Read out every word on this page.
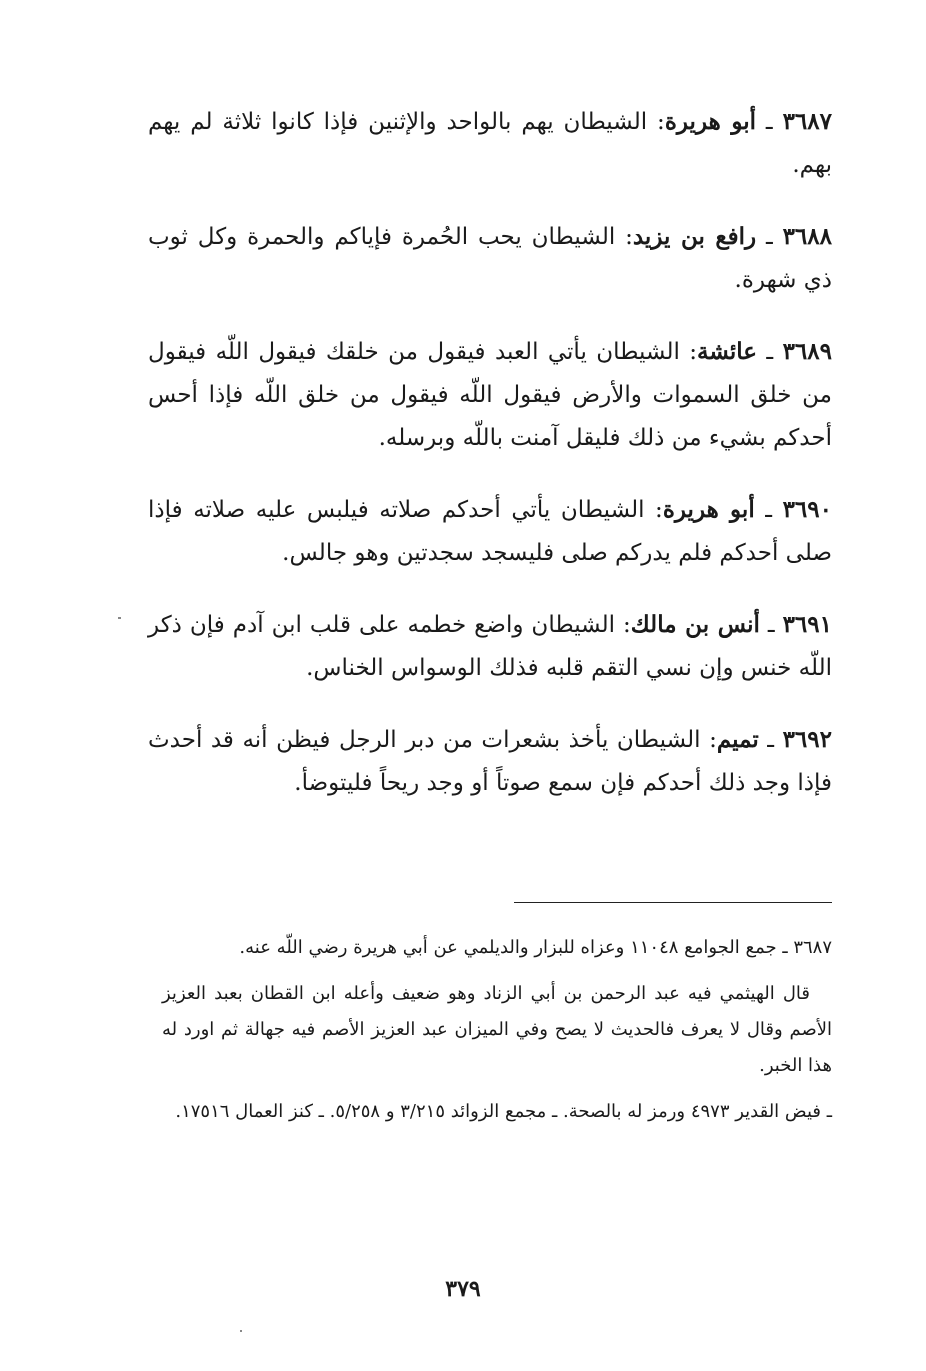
٣٦٨٧ ـ أبو هريرة: الشيطان يهم بالواحد والإثنين فإذا كانوا ثلاثة لم يهم بهم.

٣٦٨٨ ـ رافع بن يزيد: الشيطان يحب الحُمرة فإياكم والحمرة وكل ثوب ذي شهرة.

٣٦٨٩ ـ عائشة: الشيطان يأتي العبد فيقول من خلقك فيقول اللّه فيقول من خلق السموات والأرض فيقول اللّه فيقول من خلق اللّه فإذا أحس أحدكم بشيء من ذلك فليقل آمنت باللّه وبرسله.

٣٦٩٠ ـ أبو هريرة: الشيطان يأتي أحدكم صلاته فيلبس عليه صلاته فإذا صلى أحدكم فلم يدركم صلى فليسجد سجدتين وهو جالس.

٣٦٩١ ـ أنس بن مالك: الشيطان واضع خطمه على قلب ابن آدم فإن ذكر اللّه خنس وإن نسي التقم قلبه فذلك الوسواس الخناس.

٣٦٩٢ ـ تميم: الشيطان يأخذ بشعرات من دبر الرجل فيظن أنه قد أحدث فإذا وجد ذلك أحدكم فإن سمع صوتاً أو وجد ريحاً فليتوضأ.

٣٦٨٧ ـ جمع الجوامع ١١٠٤٨ وعزاه للبزار والديلمي عن أبي هريرة رضي اللّه عنه.

قال الهيثمي فيه عبد الرحمن بن أبي الزناد وهو ضعيف وأعله ابن القطان بعبد العزيز الأصم وقال لا يعرف فالحديث لا يصح وفي الميزان عبد العزيز الأصم فيه جهالة ثم اورد له هذا الخبر.

ـ فيض القدير ٤٩٧٣ ورمز له بالصحة. ـ مجمع الزوائد ٣/٢١٥ و ٥/٢٥٨. ـ كنز العمال ١٧٥١٦.

٣٧٩
